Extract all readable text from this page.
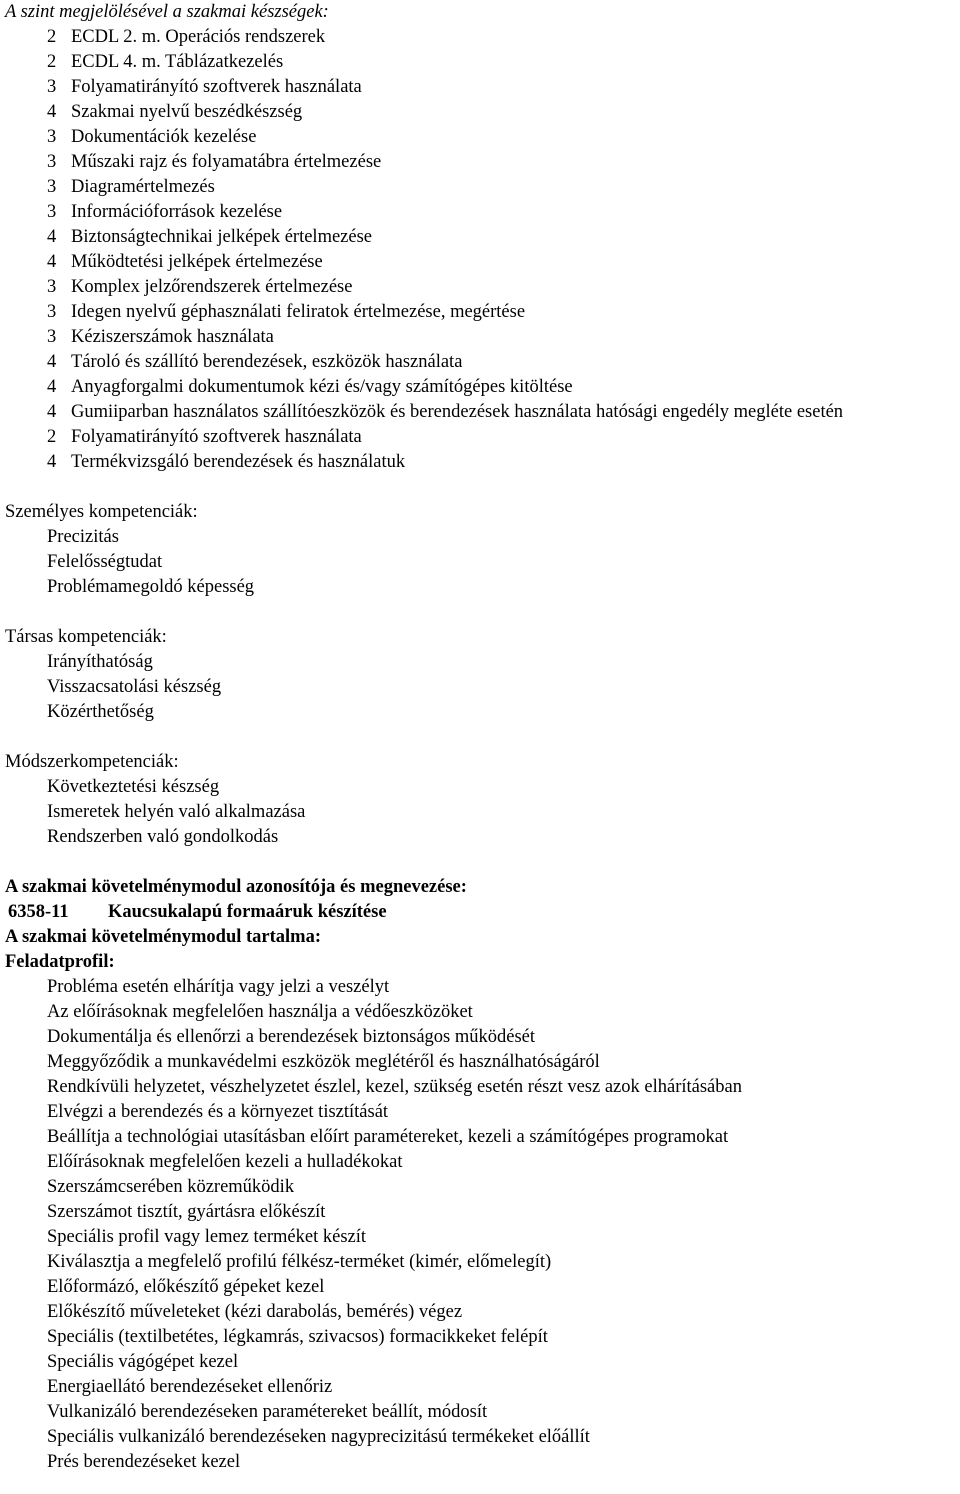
A szint megjelölésével a szakmai készségek:
2 ECDL 2. m. Operációs rendszerek
2 ECDL 4. m. Táblázatkezelés
3 Folyamatirányító szoftverek használata
4 Szakmai nyelvű beszédkészség
3 Dokumentációk kezelése
3 Műszaki rajz és folyamatábra értelmezése
3 Diagramértelmezés
3 Információforrások kezelése
4 Biztonságtechnikai jelképek értelmezése
4 Működtetési jelképek értelmezése
3 Komplex jelzőrendszerek értelmezése
3 Idegen nyelvű géphasználati feliratok értelmezése, megértése
3 Kéziszerszámok használata
4 Tároló és szállító berendezések, eszközök használata
4 Anyagforgalmi dokumentumok kézi és/vagy számítógépes kitöltése
4 Gumiiparban használatos szállítóeszközök és berendezések használata hatósági engedély megléte esetén
2 Folyamatirányító szoftverek használata
4 Termékvizsgáló berendezések és használatuk
Személyes kompetenciák:
Precizitás
Felelősségtudat
Problémamegoldó képesség
Társas kompetenciák:
Irányíthatóság
Visszacsatolási készség
Közérthetőség
Módszerkompetenciák:
Következtetési készség
Ismeretek helyén való alkalmazása
Rendszerben való gondolkodás
A szakmai követelménymodul azonosítója és megnevezése:
6358-11	Kaucsukalapú formaáruk készítése
A szakmai követelménymodul tartalma:
Feladatprofil:
Probléma esetén elhárítja vagy jelzi a veszélyt
Az előírásoknak megfelelően használja a védőeszközöket
Dokumentálja és ellenőrzi a berendezések biztonságos működését
Meggyőződik a munkavédelmi eszközök meglétéről és használhatóságáról
Rendkívüli helyzetet, vészhelyzetet észlel, kezel, szükség esetén részt vesz azok elhárításában
Elvégzi a berendezés és a környezet tisztítását
Beállítja a technológiai utasításban előírt paramétereket, kezeli a számítógépes programokat
Előírásoknak megfelelően kezeli a hulladékokat
Szerszámcserében közreműködik
Szerszámot tisztít, gyártásra előkészít
Speciális profil vagy lemez terméket készít
Kiválasztja a megfelelő profilú félkész-terméket (kimér, előmelegít)
Előformázó, előkészítő gépeket kezel
Előkészítő műveleteket (kézi darabolás, bemérés) végez
Speciális (textilbetétes, légkamrás, szivacsos) formacikkeket felépít
Speciális vágógépet kezel
Energiaellátó berendezéseket ellenőriz
Vulkanizáló berendezéseken paramétereket beállít, módosít
Speciális vulkanizáló berendezéseken nagyprecizitású termékeket előállít
Prés berendezéseket kezel
